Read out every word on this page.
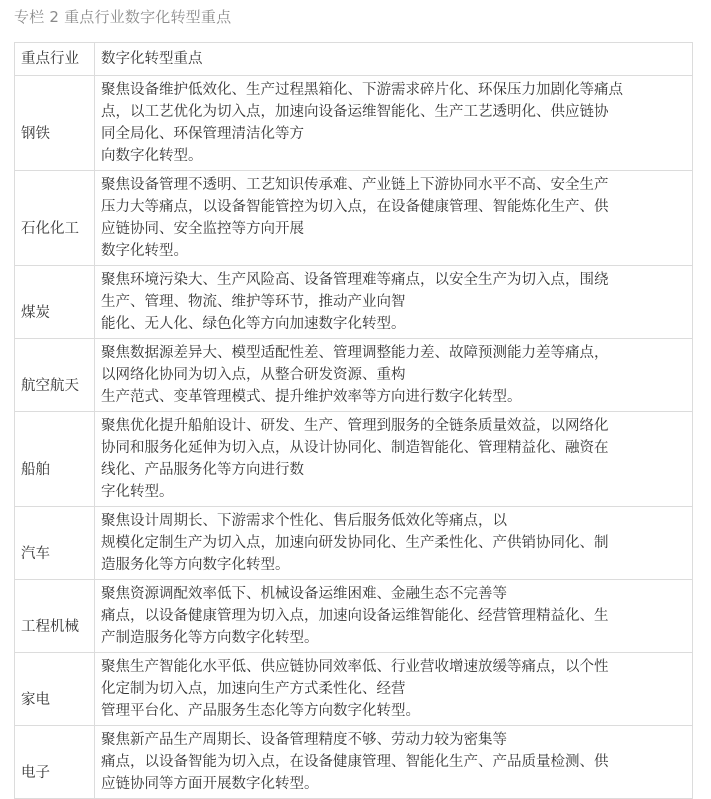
专栏 2 重点行业数字化转型重点
重点行业	数字化转型重点
钢铁	聚焦设备维护低效化、生产过程黑箱化、下游需求碎片化、环保压力加剧化等痛点
点，以工艺优化为切入点，加速向设备运维智能化、生产工艺透明化、供应链协
同全局化、环保管理清洁化等方
向数字化转型。

石化化工	聚焦设备管理不透明、工艺知识传承难、产业链上下游协同水平不高、安全生产
压力大等痛点，以设备智能管控为切入点，在设备健康管理、智能炼化生产、供
应链协同、安全监控等方向开展
数字化转型。

煤炭	聚焦环境污染大、生产风险高、设备管理难等痛点，以安全生产为切入点，围绕
生产、管理、物流、维护等环节，推动产业向智
能化、无人化、绿色化等方向加速数字化转型。

航空航天	聚焦数据源差异大、模型适配性差、管理调整能力差、故障预测能力差等痛点，
以网络化协同为切入点，从整合研发资源、重构
生产范式、变革管理模式、提升维护效率等方向进行数字化转型。

船舶	聚焦优化提升船舶设计、研发、生产、管理到服务的全链条质量效益，以网络化
协同和服务化延伸为切入点，从设计协同化、制造智能化、管理精益化、融资在
线化、产品服务化等方向进行数
字化转型。

汽车	聚焦设计周期长、下游需求个性化、售后服务低效化等痛点，以
规模化定制生产为切入点，加速向研发协同化、生产柔性化、产供销协同化、制
造服务化等方向数字化转型。

工程机械	聚焦资源调配效率低下、机械设备运维困难、金融生态不完善等
痛点，以设备健康管理为切入点，加速向设备运维智能化、经营管理精益化、生
产制造服务化等方向数字化转型。

家电	聚焦生产智能化水平低、供应链协同效率低、行业营收增速放缓等痛点，以个性
化定制为切入点，加速向生产方式柔性化、经营
管理平台化、产品服务生态化等方向数字化转型。

电子	聚焦新产品生产周期长、设备管理精度不够、劳动力较为密集等
痛点，以设备智能为切入点，在设备健康管理、智能化生产、产品质量检测、供
应链协同等方面开展数字化转型。
